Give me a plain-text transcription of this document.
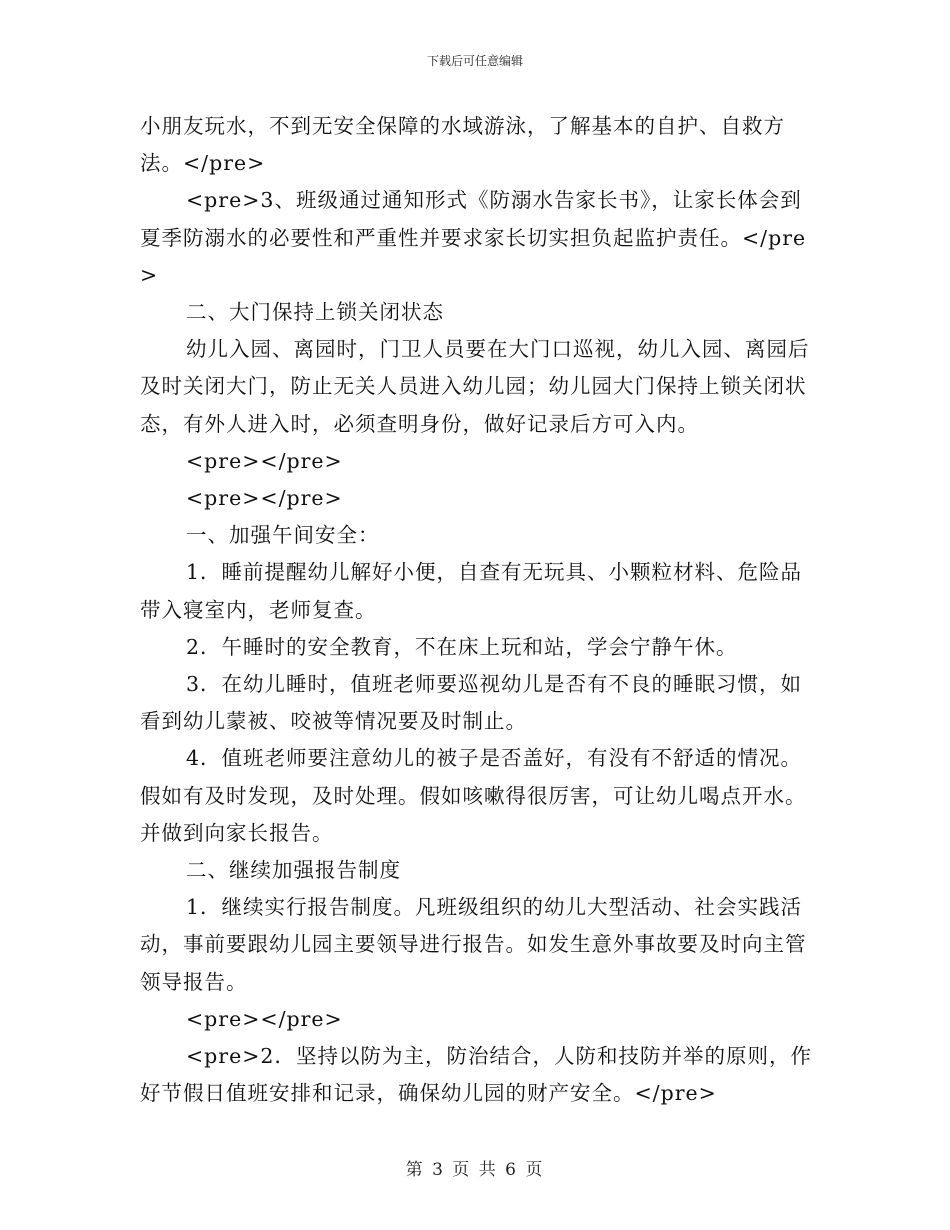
下载后可任意编辑

小朋友玩水，不到无安全保障的水域游泳，了解基本的自护、自救方法。</pre>

<pre>3、班级通过通知形式《防溺水告家长书》，让家长体会到夏季防溺水的必要性和严重性并要求家长切实担负起监护责任。</pre>

二、大门保持上锁关闭状态

幼儿入园、离园时，门卫人员要在大门口巡视，幼儿入园、离园后及时关闭大门，防止无关人员进入幼儿园；幼儿园大门保持上锁关闭状态，有外人进入时，必须查明身份，做好记录后方可入内。

<pre></pre>

<pre></pre>

一、加强午间安全：

1．睡前提醒幼儿解好小便，自查有无玩具、小颗粒材料、危险品带入寝室内，老师复查。

2．午睡时的安全教育，不在床上玩和站，学会宁静午休。

3．在幼儿睡时，值班老师要巡视幼儿是否有不良的睡眠习惯，如看到幼儿蒙被、咬被等情况要及时制止。

4．值班老师要注意幼儿的被子是否盖好，有没有不舒适的情况。假如有及时发现，及时处理。假如咳嗽得很厉害，可让幼儿喝点开水。并做到向家长报告。

二、继续加强报告制度

1．继续实行报告制度。凡班级组织的幼儿大型活动、社会实践活动，事前要跟幼儿园主要领导进行报告。如发生意外事故要及时向主管领导报告。

<pre></pre>

<pre>2．坚持以防为主，防治结合，人防和技防并举的原则，作好节假日值班安排和记录，确保幼儿园的财产安全。</pre>

第 3 页 共 6 页
